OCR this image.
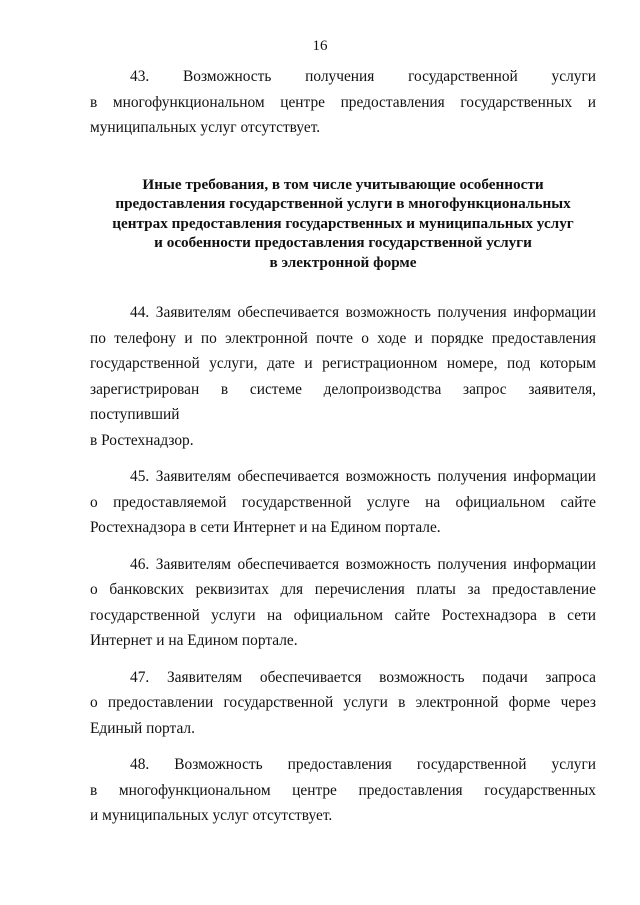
16
43. Возможность получения государственной услуги
в многофункциональном центре предоставления государственных и
муниципальных услуг отсутствует.
Иные требования, в том числе учитывающие особенности
предоставления государственной услуги в многофункциональных
центрах предоставления государственных и муниципальных услуг
и особенности предоставления государственной услуги
в электронной форме
44. Заявителям обеспечивается возможность получения информации
по телефону и по электронной почте о ходе и порядке предоставления
государственной услуги, дате и регистрационном номере, под которым
зарегистрирован в системе делопроизводства запрос заявителя, поступивший
в Ростехнадзор.
45. Заявителям обеспечивается возможность получения информации
о предоставляемой государственной услуге на официальном сайте
Ростехнадзора в сети Интернет и на Едином портале.
46. Заявителям обеспечивается возможность получения информации
о банковских реквизитах для перечисления платы за предоставление
государственной услуги на официальном сайте Ростехнадзора в сети
Интернет и на Едином портале.
47. Заявителям обеспечивается возможность подачи запроса
о предоставлении государственной услуги в электронной форме через
Единый портал.
48. Возможность предоставления государственной услуги
в многофункциональном центре предоставления государственных
и муниципальных услуг отсутствует.
